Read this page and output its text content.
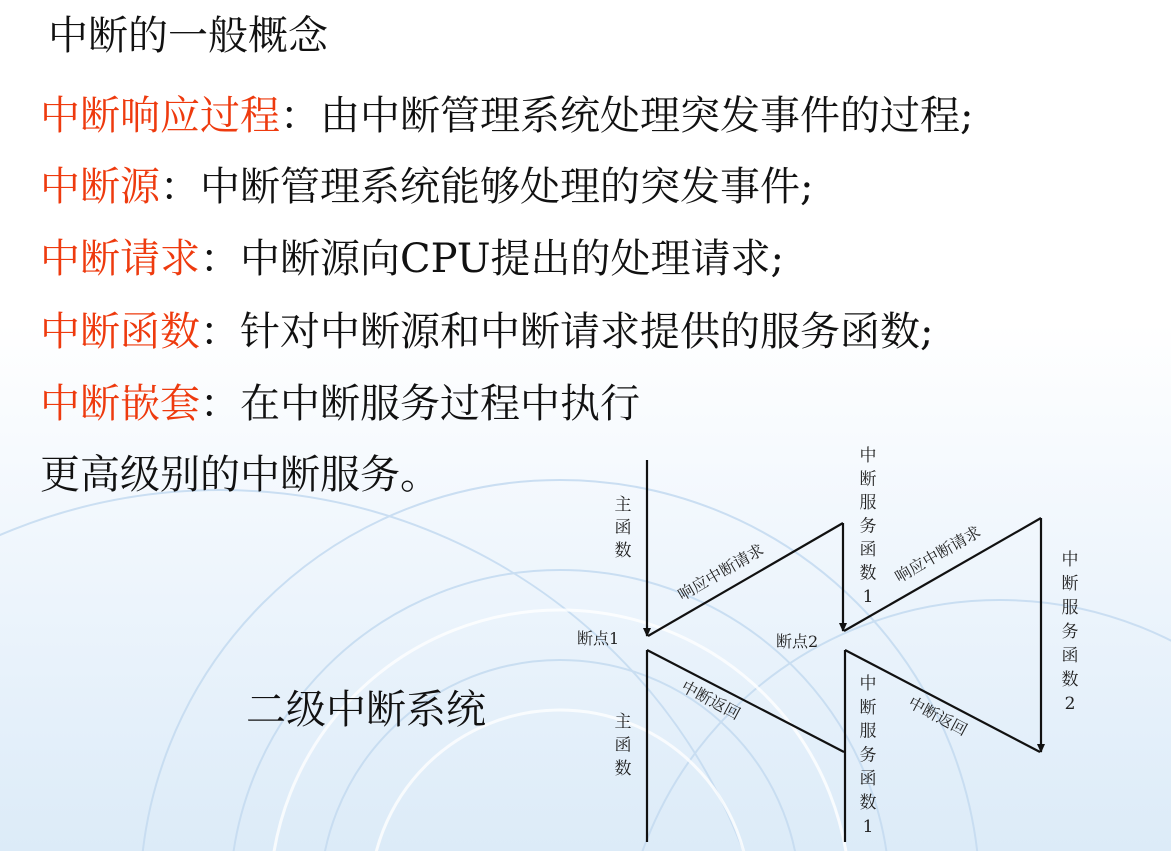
中断的一般概念
中断响应过程：由中断管理系统处理突发事件的过程;
中断源：中断管理系统能够处理的突发事件;
中断请求：中断源向CPU提出的处理请求;
中断函数：针对中断源和中断请求提供的服务函数;
中断嵌套：在中断服务过程中执行
更高级别的中断服务。
二级中断系统
主函数
中断服务函数 1
中断服务函数 2
主函数
中断服务函数 1
断点1	断点2
响应中断请求	响应中断请求
中断返回	中断返回
